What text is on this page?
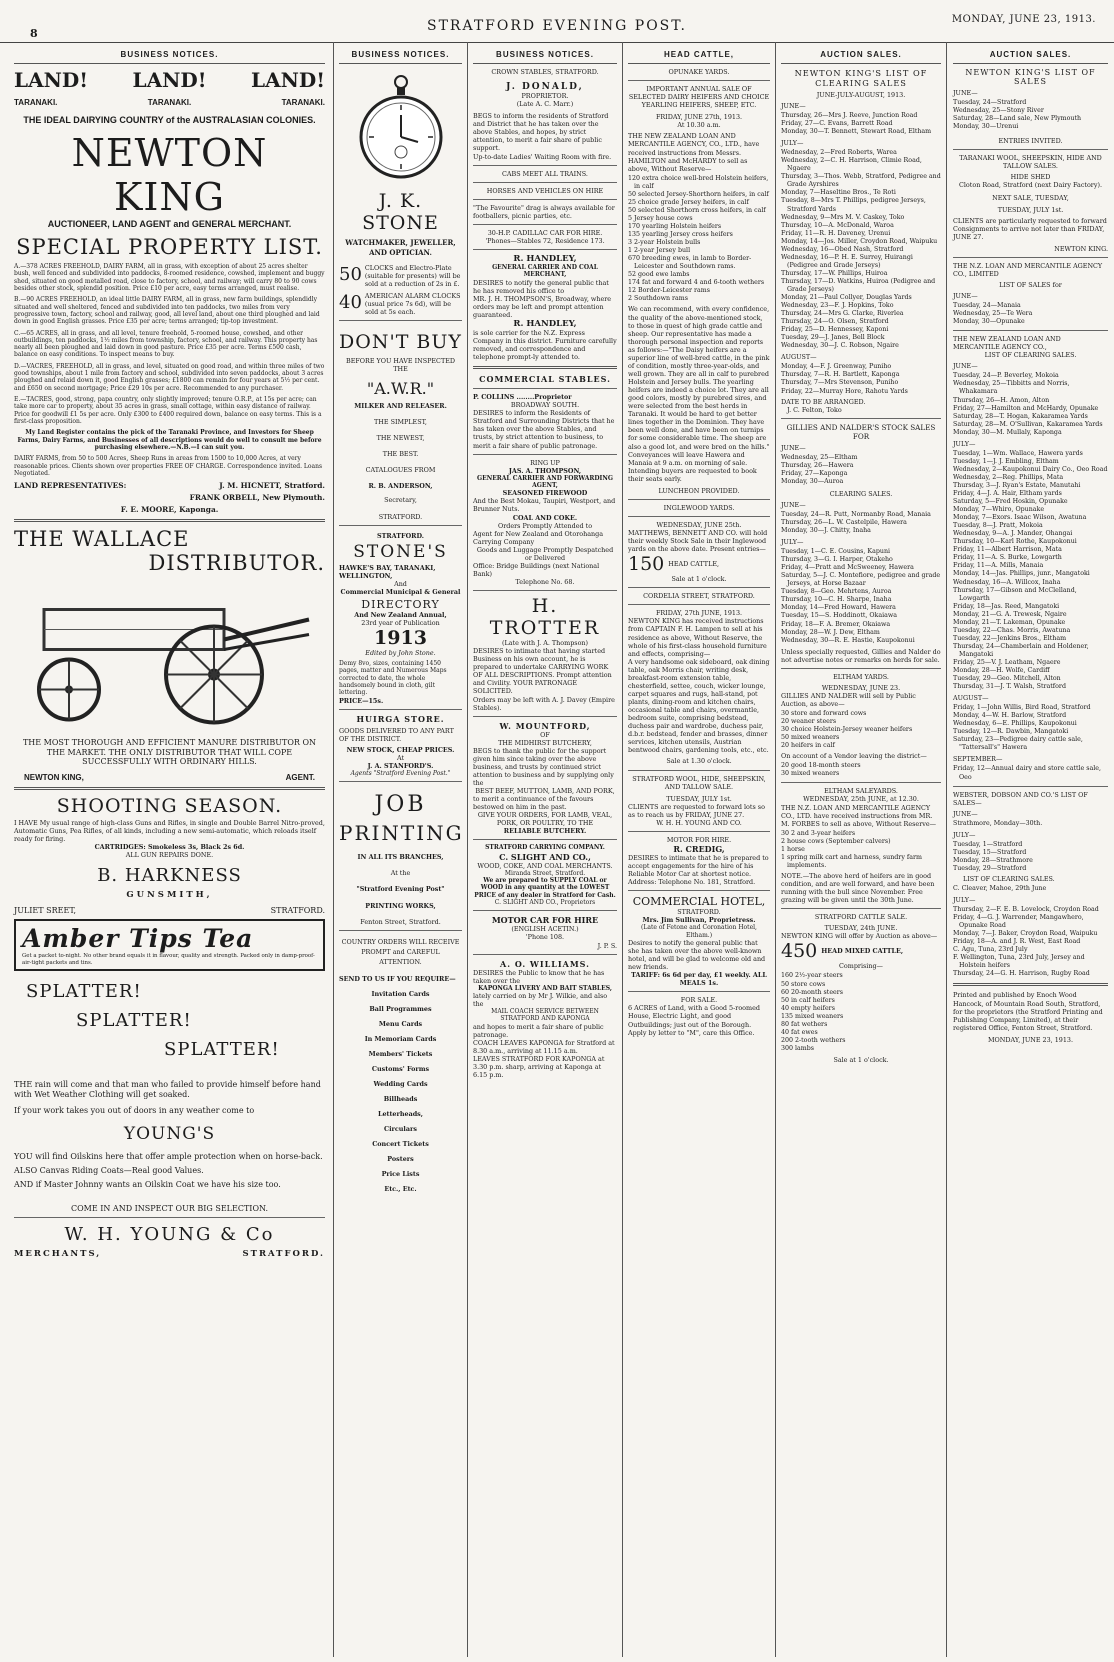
8	STRATFORD EVENING POST.	MONDAY, JUNE 23, 1913.
BUSINESS NOTICES.
LAND! LAND! LAND!
TARANAKI.	TARANAKI.	TARANAKI.
THE IDEAL DAIRYING COUNTRY of the AUSTRALASIAN COLONIES.
NEWTON KING
AUCTIONEER, LAND AGENT and GENERAL MERCHANT.
SPECIAL PROPERTY LIST.
A.—378 ACRES FREEHOLD, DAIRY FARM, all in grass, with exception of about 25 acres shelter bush, well fenced and subdivided into paddocks, 8-roomed residence, cowshed, implement and buggy shed, situated on good metalled road, close to factory, school, and railway; will carry 80 to 90 cows besides other stock, splendid position. Price £10 per acre, easy terms arranged, must realise.
B.—90 ACRES FREEHOLD, an ideal little DAIRY FARM, all in grass, new farm buildings, splendidly situated and well sheltered, fenced and subdivided into ten paddocks, two miles from very progressive town, factory, school and railway, good, all level land, about one third ploughed and laid down in good English grasses. Price £35 per acre; terms arranged; tip-top investment.
C.—65 ACRES, all in grass, and all level, tenure freehold, 5-roomed house, cowshed, and other outbuildings, ten paddocks, 1½ miles from township, factory, school, and railway. This property has nearly all been ploughed and laid down in good pasture. Price £35 per acre. Terms £500 cash, balance on easy conditions. To inspect means to buy.
D.—VACRES, FREEHOLD, all in grass, and level, situated on good road, and within three miles of two good townships, about 1 mile from factory and school, subdivided into seven paddocks, about 3 acres ploughed and relaid down it, good English grasses; £1800 can remain for four years at 5½ per cent. and £650 on second mortgage; Price £29 10s per acre. Recommended to any purchaser.
E.—TACRES, good, strong, papa country, only slightly improved; tenure O.R.P., at 15s per acre; can take more car to property, about 35 acres in grass, small cottage, within easy distance of railway. Price for goodwill £1 5s per acre. Only £300 to £400 required down, balance on easy terms. This is a first-class proposition.
My Land Register contains the pick of the Taranaki Province, and Investors for Sheep Farms, Dairy Farms, and Businesses of all descriptions would do well to consult me before purchasing elsewhere.—N.B.—I can suit you.
DAIRY FARMS, from 50 to 500 Acres, Sheep Runs in areas from 1500 to 10,000 Acres, at very reasonable prices. Clients shown over properties FREE OF CHARGE. Correspondence invited. Loans Negotiated.
LAND REPRESENTATIVES:	J. M. HICNETT, Stratford.
FRANK ORBELL, New Plymouth.
F. E. MOORE, Kaponga.
THE WALLACE
DISTRIBUTOR.
THE MOST THOROUGH AND EFFICIENT MANURE DISTRIBUTOR ON THE MARKET. THE ONLY DISTRIBUTOR THAT WILL COPE SUCCESSFULLY WITH ORDINARY HILLS.
NEWTON KING,	AGENT.
SHOOTING SEASON.
I HAVE My usual range of high-class Guns and Rifles, in single and Double Barrel Nitro-proved, Automatic Guns, Pea Rifles, of all kinds, including a new semi-automatic, which reloads itself ready for firing.
CARTRIDGES: Smokeless 3s, Black 2s 6d.
ALL GUN REPAIRS DONE.
B. HARKNESS
GUNSMITH,
JULIET SREET,	STRATFORD.
Amber Tips Tea
Get a packet to-night. No other brand equals it in flavour, quality and strength. Packed only in damp-proof-air-tight packets and tins.
SPLATTER!
SPLATTER!
SPLATTER!
THE rain will come and that man who failed to provide himself before hand with Wet Weather Clothing will get soaked.
If your work takes you out of doors in any weather come to
YOUNG'S
YOU will find Oilskins here that offer ample protection when on horse-back.
ALSO Canvas Riding Coats—Real good Values.
AND if Master Johnny wants an Oilskin Coat we have his size too.
COME IN AND INSPECT OUR BIG SELECTION.
W. H. YOUNG & Co
MERCHANTS,	STRATFORD.
BUSINESS NOTICES.
J. K. STONE
WATCHMAKER, JEWELLER, AND OPTICIAN.
50 CLOCKS and Electro-Plate (suitable for presents) will be sold at a reduction of 2s in £.
40 AMERICAN ALARM CLOCKS (usual price 7s 6d), will be sold at 5s each.
DON'T BUY
BEFORE YOU HAVE INSPECTED THE
"A.W.R."
MILKER AND RELEASER.
THE SIMPLEST,
THE NEWEST,
THE BEST.
CATALOGUES FROM
R. B. ANDERSON,
Secretary,
STRATFORD.
STRATFORD.
STONE'S
HAWKE'S BAY, TARANAKI, WELLINGTON,
And
Commercial Municipal & General
DIRECTORY
And New Zealand Annual,
23rd year of Publication
1913
Edited by John Stone.
Demy 8vo, sizes, containing 1450 pages, matter and Numerous Maps corrected to date, the whole handsomely bound in cloth, gilt lettering.
PRICE—15s.
HUIRGA STORE.
GOODS DELIVERED TO ANY PART OF THE DISTRICT.
NEW STOCK, CHEAP PRICES.
At
J. A. STANFORD'S.
Agents "Stratford Evening Post."
JOB
PRINTING
IN ALL ITS BRANCHES,
At the
"Stratford Evening Post"
PRINTING WORKS,
Fenton Street, Stratford.
COUNTRY ORDERS WILL RECEIVE PROMPT and CAREFUL ATTENTION.
SEND TO US IF YOU REQUIRE—
Invitation Cards
Ball Programmes
Menu Cards
In Memoriam Cards
Members' Tickets
Customs' Forms
Wedding Cards
Billheads
Letterheads,
Circulars
Concert Tickets
Posters
Price Lists
Etc., Etc.
BUSINESS NOTICES.
CROWN STABLES, STRATFORD.
J. DONALD,
PROPRIETOR.
(Late A. C. Marr.)
BEGS to inform the residents of Stratford and District that he has taken over the above Stables, and hopes, by strict attention, to merit a fair share of public support.
Up-to-date Ladies' Waiting Room with fire.
CABS MEET ALL TRAINS.
HORSES AND VEHICLES ON HIRE
"The Favourite" drag is always available for footballers, picnic parties, etc.
30-H.P. CADILLAC CAR FOR HIRE.
'Phones—Stables 72, Residence 173.
R. HANDLEY,
GENERAL CARRIER AND COAL MERCHANT,
DESIRES to notify the general public that he has removed his office to
MR. J. H. THOMPSON'S, Broadway, where orders may be left and prompt attention guaranteed.
R. HANDLEY,
is sole carrier for the N.Z. Express Company in this district. Furniture carefully removed, and correspondence and telephone prompt-ly attended to.
COMMERCIAL STABLES.
P. COLLINS ........Proprietor
BROADWAY SOUTH.
DESIRES to inform the Residents of Stratford and Surrounding Districts that he has taken over the above Stables, and trusts, by strict attention to business, to merit a fair share of public patronage.
RING UP
JAS. A. THOMPSON,
GENERAL CARRIER AND FORWARDING AGENT,
SEASONED FIREWOOD
And the Best Mokau, Taupiri, Westport, and Brunner Nuts.
COAL AND COKE.
Orders Promptly Attended to
Agent for New Zealand and Otorohanga Carrying Company
Goods and Luggage Promptly Despatched or Delivered
Office: Bridge Buildings (next National Bank)
Telephone No. 68.
H. TROTTER
(Late with J. A. Thompson)
DESIRES to intimate that having started Business on his own account, he is prepared to undertake CARRYING WORK OF ALL DESCRIPTIONS. Prompt attention and Civility. YOUR PATRONAGE SOLICITED.
Orders may be left with A. J. Davey (Empire Stables).
W. MOUNTFORD,
OF
THE MIDHIRST BUTCHERY,
BEGS to thank the public for the support given him since taking over the above business, and trusts by continued strict attention to business and by supplying only the
BEST BEEF, MUTTON, LAMB, AND PORK,
to merit a continuance of the favours bestowed on him in the past.
GIVE YOUR ORDERS, FOR LAMB, VEAL, PORK, OR POULTRY, TO THE
RELIABLE BUTCHERY.
STRATFORD CARRYING COMPANY.
C. SLIGHT AND CO.,
WOOD, COKE, AND COAL MERCHANTS.
Miranda Street, Stratford.
We are prepared to SUPPLY COAL or WOOD in any quantity at the LOWEST PRICE of any dealer in Stratford for Cash.
C. SLIGHT AND CO., Proprietors
MOTOR CAR FOR HIRE
(ENGLISH ACETIN.)
'Phone 108.
J. P. S.
A. O. WILLIAMS.
DESIRES the Public to know that he has taken over the
KAPONGA LIVERY AND BAIT STABLES,
lately carried on by Mr J. Wilkie, and also the
MAIL COACH SERVICE BETWEEN STRATFORD AND KAPONGA
and hopes to merit a fair share of public patronage.
COACH LEAVES KAPONGA for Stratford at 8.30 a.m., arriving at 11.15 a.m.
LEAVES STRATFORD FOR KAPONGA at 3.30 p.m. sharp, arriving at Kaponga at 6.15 p.m.
HEAD CATTLE,
OPUNAKE YARDS.
IMPORTANT ANNUAL SALE OF SELECTED DAIRY HEIFERS AND CHOICE YEARLING HEIFERS, SHEEP, ETC.
FRIDAY, JUNE 27th, 1913.
At 10.30 a.m.
THE NEW ZEALAND LOAN AND MERCANTILE AGENCY, CO., LTD., have received instructions from Messrs. HAMILTON and McHARDY to sell as above, Without Reserve—
120 extra choice well-bred Holstein heifers, in calf
50 selected Jersey-Shorthorn heifers, in calf
25 choice grade Jersey heifers, in calf
50 selected Shorthorn cross heifers, in calf
5 Jersey house cows
170 yearling Holstein heifers
135 yearling Jersey cross heifers
3 2-year Holstein bulls
1 2-year Jersey bull
670 breeding ewes, in lamb to Border-Leicester and Southdown rams.
52 good ewe lambs
174 fat and forward 4 and 6-tooth wethers
12 Border-Leicester rams
2 Southdown rams
We can recommend, with every confidence, the quality of the above-mentioned stock, to those in quest of high grade cattle and sheep. Our representative has made a thorough personal inspection and reports as follows:—"The Daisy heifers are a superior line of well-bred cattle, in the pink of condition, mostly three-year-olds, and well grown. They are all in calf to purebred Holstein and Jersey bulls. The yearling heifers are indeed a choice lot. They are all good colors, mostly by purebred sires, and were selected from the best herds in Taranaki. It would be hard to get better lines together in the Dominion. They have been well done, and have been on turnips for some considerable time. The sheep are also a good lot, and were bred on the hills." Conveyances will leave Hawera and Manaia at 9 a.m. on morning of sale. Intending buyers are requested to book their seats early.
LUNCHEON PROVIDED.
INGLEWOOD YARDS.
WEDNESDAY, JUNE 25th.
MATTHEWS, BENNETT AND CO. will hold their weekly Stock Sale in their Inglewood yards on the above date. Present entries—
150 HEAD CATTLE,
Sale at 1 o'clock.
CORDELIA STREET, STRATFORD.
FRIDAY, 27th JUNE, 1913.
NEWTON KING has received instructions from CAPTAIN F. H. Lampen to sell at his residence as above, Without Reserve, the whole of his first-class household furniture and effects, comprising—
A very handsome oak sideboard, oak dining table, oak Morris chair, writing desk, breakfast-room extension table, chesterfield, settee, couch, wicker lounge, carpet squares and rugs, hall-stand, pot plants, dining-room and kitchen chairs, occasional table and chairs, overmantle, bedroom suite, comprising bedstead, duchess pair and wardrobe, duchess pair, d.b.r. bedstead, fender and brasses, dinner services, kitchen utensils, Austrian bentwood chairs, gardening tools, etc., etc.
Sale at 1.30 o'clock.
STRATFORD WOOL, HIDE, SHEEPSKIN, AND TALLOW SALE.
TUESDAY, JULY 1st.
CLIENTS are requested to forward lots so as to reach us by FRIDAY, JUNE 27.
W. H. H. YOUNG AND CO.
MOTOR FOR HIRE.
R. CREDIG,
DESIRES to intimate that he is prepared to accept engagements for the hire of his Reliable Motor Car at shortest notice. Address: Telephone No. 181, Stratford.
COMMERCIAL HOTEL,
STRATFORD.
Mrs. Jim Sullivan, Proprietress.
(Late of Fetone and Coronation Hotel, Eltham.)
Desires to notify the general public that she has taken over the above well-known hotel, and will be glad to welcome old and new friends.
TARIFF: 6s 6d per day, £1 weekly. ALL MEALS 1s.
FOR SALE.
6 ACRES of Land, with a Good 5-roomed House, Electric Light, and good Outbuildings; just out of the Borough. Apply by letter to "M", care this Office.
AUCTION SALES.
NEWTON KING'S LIST OF CLEARING SALES
JUNE-JULY-AUGUST, 1913.
JUNE—
Thursday, 26—Mrs J. Reeve, Junction Road
Friday, 27—C. Evans, Barrett Road
Monday, 30—T. Bennett, Stewart Road, Eltham
JULY—
Wednesday, 2—Fred Roberts, Warea
Wednesday, 2—C. H. Harrison, Climie Road, Ngaere
Thursday, 3—Thos. Webb, Stratford, Pedigree and Grade Ayrshires
Monday, 7—Haseltine Bros., Te Roti
Tuesday, 8—Mrs T. Phillips, pedigree Jerseys, Stratford Yards
Wednesday, 9—Mrs M. V. Caskey, Toko
Thursday, 10—A. McDonald, Waroa
Friday, 11—R. H. Daveney, Urenui
Monday, 14—Jos. Miller, Croydon Road, Waipuku
Wednesday, 16—Obed Nash, Stratford
Wednesday, 16—P. H. E. Surrey, Huirangi (Pedigree and Grade Jerseys)
Thursday, 17—W. Phillips, Huiroa
Thursday, 17—D. Watkins, Huiroa (Pedigree and Grade Jerseys)
Monday, 21—Paul Collyer, Douglas Yards
Wednesday, 23—F. J. Hopkins, Toko
Thursday, 24—Mrs G. Clarke, Riverlea
Thursday, 24—O. Olsen, Stratford
Friday, 25—D. Hennessey, Kaponi
Tuesday, 29—J. Janes, Bell Block
Wednesday, 30—J. C. Robson, Ngaire
AUGUST—
Monday, 4—F. J. Greenway, Puniho
Thursday, 7—R. H. Bartlett, Kaponga
Thursday, 7—Mrs Stevenson, Puniho
Friday, 22—Murray Hore, Rahotu Yards
DATE TO BE ARRANGED.
J. C. Felton, Toko
GILLIES AND NALDER'S STOCK SALES FOR
JUNE—
Wednesday, 25—Eltham
Thursday, 26—Hawera
Friday, 27—Kaponga
Monday, 30—Auroa
CLEARING SALES.
JUNE—
Tuesday, 24—R. Putt, Normanby Road, Manaia
Thursday, 26—L. W. Castelpile, Hawera
Monday, 30—J. Chitty, Inaha
JULY—
Tuesday, 1—C. E. Cousins, Kapuni
Thursday, 3—G. I. Harper, Otakeho
Friday, 4—Pratt and McSweeney, Hawera
Saturday, 5—J. C. Montefiore, pedigree and grade Jerseys, at Horse Bazaar
Tuesday, 8—Geo. Mehrtens, Auroa
Thursday, 10—C. H. Sharpe, Inaha
Monday, 14—Fred Howard, Hawera
Tuesday, 15—S. Hoddinott, Okaiawa
Friday, 18—F. A. Bremer, Okaiawa
Monday, 28—W. J. Dew, Eltham
Wednesday, 30—R. E. Hastie, Kaupokonui
Unless specially requested, Gillies and Nalder do not advertise notes or remarks on herds for sale.
ELTHAM YARDS.
WEDNESDAY, JUNE 23.
GILLIES AND NALDER will sell by Public Auction, as above—
30 store and forward cows
20 weaner steers
30 choice Holstein-Jersey weaner heifers
50 mixed weaners
20 heifers in calf
On account of a Vendor leaving the district—
20 good 18-month steers
30 mixed weaners
ELTHAM SALEYARDS.
WEDNESDAY, 25th JUNE, at 12.30.
THE N.Z. LOAN AND MERCANTILE AGENCY CO., LTD. have received instructions from MR. M. FORBES to sell as above, Without Reserve—
30 2 and 3-year heifers
2 house cows (September calvers)
1 horse
1 spring milk cart and harness, sundry farm implements.
NOTE.—The above herd of heifers are in good condition, and are well forward, and have been running with the bull since November. Free grazing will be given until the 30th June.
STRATFORD CATTLE SALE.
TUESDAY, 24th JUNE.
NEWTON KING will offer by Auction as above—
450 HEAD MIXED CATTLE,
Comprising—
160 2½-year steers
50 store cows
60 20-month steers
50 in calf heifers
40 empty heifers
135 mixed weaners
80 fat wethers
40 fat ewes
200 2-tooth wethers
300 lambs
Sale at 1 o'clock.
AUCTION SALES.
NEWTON KING'S LIST OF SALES
JUNE—
Tuesday, 24—Stratford
Wednesday, 25—Stony River
Saturday, 28—Land sale, New Plymouth
Monday, 30—Urenui
ENTRIES INVITED.
TARANAKI WOOL, SHEEPSKIN, HIDE AND TALLOW SALES.
HIDE SHED
Cloton Road, Stratford (next Dairy Factory).
NEXT SALE, TUESDAY,
TUESDAY, JULY 1st.
CLIENTS are particularly requested to forward Consignments to arrive not later than FRIDAY, JUNE 27.
NEWTON KING.
THE N.Z. LOAN AND MERCANTILE AGENCY CO., LIMITED
LIST OF SALES for
JUNE—
Tuesday, 24—Manaia
Wednesday, 25—Te Wera
Monday, 30—Opunake
THE NEW ZEALAND LOAN AND MERCANTILE AGENCY CO.,
LIST OF CLEARING SALES.
JUNE—
Tuesday, 24—P. Beverley, Mokoia
Wednesday, 25—Tibbitts and Norris, Whakamara
Thursday, 26—H. Amon, Alton
Friday, 27—Hamilton and McHardy, Opunake
Saturday, 28—T. Hogan, Kakaramea Yards
Saturday, 28—M. O'Sullivan, Kakaramea Yards
Monday, 30—M. Mullaly, Kaponga
JULY—
Tuesday, 1—Wm. Wallace, Hawera yards
Tuesday, 1—J. J. Embling, Eltham
Wednesday, 2—Kaupokonui Dairy Co., Oeo Road
Wednesday, 2—Reg. Phillips, Mata
Thursday, 3—J. Ryan's Estate, Manutahi
Friday, 4—J. A. Hair, Eltham yards
Saturday, 5—Fred Hoskin, Opunake
Monday, 7—Whiro, Opunake
Monday, 7—Exors. Isaac Wilson, Awatuna
Tuesday, 8—J. Pratt, Mokoia
Wednesday, 9—A. J. Mander, Ohangai
Thursday, 10—Karl Rothe, Kaupokonui
Friday, 11—Albert Harrison, Mata
Friday, 11—A. S. Burke, Lowgarth
Friday, 11—A. Mills, Manaia
Monday, 14—Jas. Phillips, junr., Mangatoki
Wednesday, 16—A. Willcox, Inaha
Thursday, 17—Gibson and McClelland, Lowgarth
Friday, 18—Jas. Reed, Mangatoki
Monday, 21—G. A. Trewesk, Ngaire
Monday, 21—T. Lakeman, Opunake
Tuesday, 22—Chas. Morris, Awatuna
Tuesday, 22—Jenkins Bros., Eltham
Thursday, 24—Chamberlain and Holdener, Mangatoki
Friday, 25—V. J. Leatham, Ngaere
Monday, 28—H. Wolfe, Cardiff
Tuesday, 29—Geo. Mitchell, Alton
Thursday, 31—J. T. Walsh, Stratford
AUGUST—
Friday, 1—John Willis, Bird Road, Stratford
Monday, 4—W. H. Barlow, Stratford
Wednesday, 6—E. Phillips, Kaupokonui
Tuesday, 12—R. Dawbin, Mangatoki
Saturday, 23—Pedigree dairy cattle sale, "Tattersall's" Hawera
SEPTEMBER—
Friday, 12—Annual dairy and store cattle sale, Oeo
WEBSTER, DOBSON AND CO.'S LIST OF SALES—
JUNE—
Strathmore, Monday—30th.
JULY—
Tuesday, 1—Stratford
Tuesday, 15—Stratford
Monday, 28—Strathmore
Tuesday, 29—Stratford
LIST OF CLEARING SALES.
C. Cleaver, Mahoe, 29th June
JULY—
Thursday, 2—F. E. B. Lovelock, Croydon Road
Friday, 4—G. J. Warrender, Mangawhero, Opunake Road
Monday, 7—J. Baker, Croydon Road, Waipuku
Friday, 18—A. and J. R. West, East Road
C. Agu, Tuna, 23rd July
F. Wellington, Tuna, 23rd July, Jersey and Holstein heifers
Thursday, 24—G. H. Harrison, Rugby Road
Printed and published by Enoch Wood Hancock, of Mountain Road South, Stratford, for the proprietors (the Stratford Printing and Publishing Company, Limited), at their registered Office, Fenton Street, Stratford.
MONDAY, JUNE 23, 1913.
